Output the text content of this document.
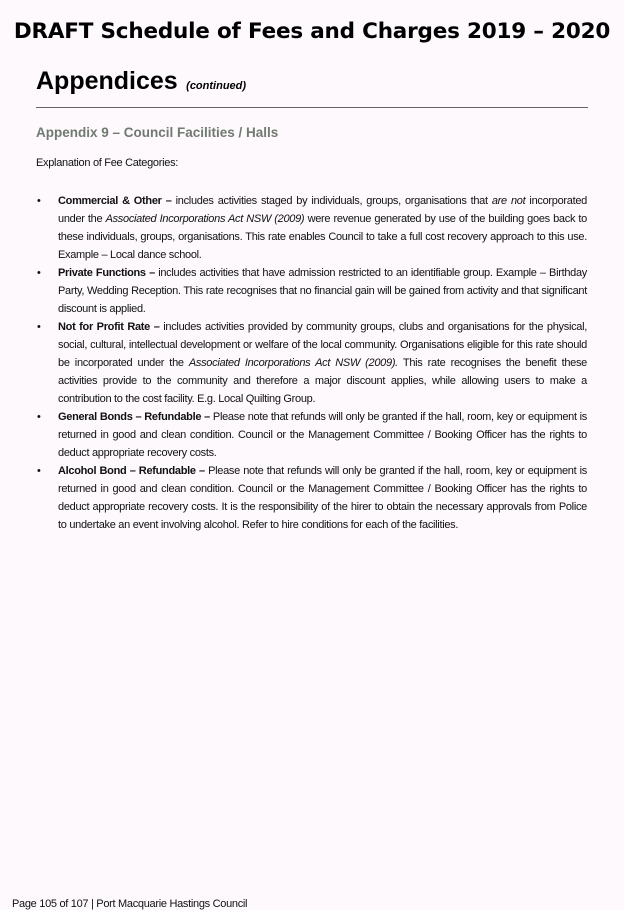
DRAFT Schedule of Fees and Charges 2019 – 2020
Appendices (continued)
Appendix 9 – Council Facilities / Halls
Explanation of Fee Categories:
• Commercial & Other – includes activities staged by individuals, groups, organisations that are not incorporated under the Associated Incorporations Act NSW (2009) were revenue generated by use of the building goes back to these individuals, groups, organisations. This rate enables Council to take a full cost recovery approach to this use. Example – Local dance school.
• Private Functions – includes activities that have admission restricted to an identifiable group. Example – Birthday Party, Wedding Reception. This rate recognises that no financial gain will be gained from activity and that significant discount is applied.
• Not for Profit Rate – includes activities provided by community groups, clubs and organisations for the physical, social, cultural, intellectual development or welfare of the local community. Organisations eligible for this rate should be incorporated under the Associated Incorporations Act NSW (2009). This rate recognises the benefit these activities provide to the community and therefore a major discount applies, while allowing users to make a contribution to the cost facility. E.g. Local Quilting Group.
• General Bonds – Refundable – Please note that refunds will only be granted if the hall, room, key or equipment is returned in good and clean condition. Council or the Management Committee / Booking Officer has the rights to deduct appropriate recovery costs.
• Alcohol Bond – Refundable – Please note that refunds will only be granted if the hall, room, key or equipment is returned in good and clean condition. Council or the Management Committee / Booking Officer has the rights to deduct appropriate recovery costs. It is the responsibility of the hirer to obtain the necessary approvals from Police to undertake an event involving alcohol. Refer to hire conditions for each of the facilities.
Page 105 of 107 | Port Macquarie Hastings Council
